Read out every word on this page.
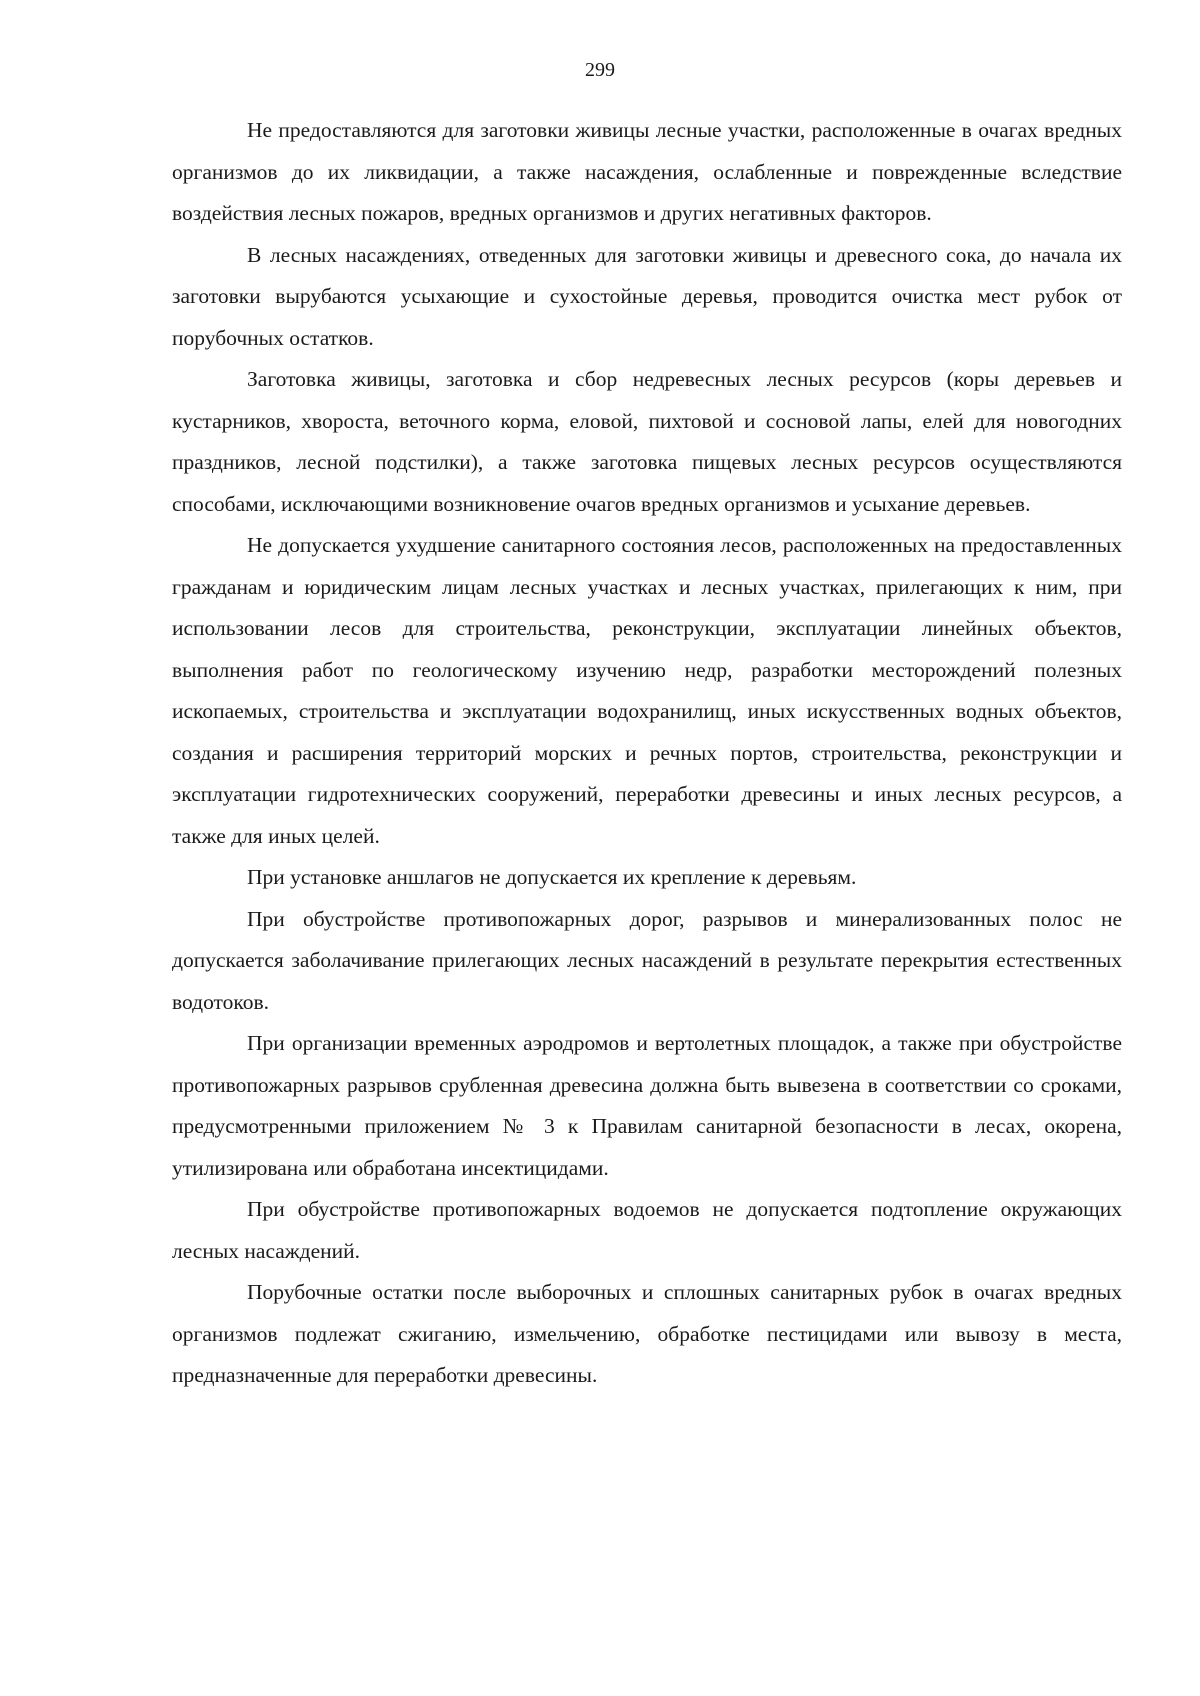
299

Не предоставляются для заготовки живицы лесные участки, расположенные в очагах вредных организмов до их ликвидации, а также насаждения, ослабленные и поврежденные вследствие воздействия лесных пожаров, вредных организмов и других негативных факторов.

В лесных насаждениях, отведенных для заготовки живицы и древесного сока, до начала их заготовки вырубаются усыхающие и сухостойные деревья, проводится очистка мест рубок от порубочных остатков.

Заготовка живицы, заготовка и сбор недревесных лесных ресурсов (коры деревьев и кустарников, хвороста, веточного корма, еловой, пихтовой и сосновой лапы, елей для новогодних праздников, лесной подстилки), а также заготовка пищевых лесных ресурсов осуществляются способами, исключающими возникновение очагов вредных организмов и усыхание деревьев.

Не допускается ухудшение санитарного состояния лесов, расположенных на предоставленных гражданам и юридическим лицам лесных участках и лесных участках, прилегающих к ним, при использовании лесов для строительства, реконструкции, эксплуатации линейных объектов, выполнения работ по геологическому изучению недр, разработки месторождений полезных ископаемых, строительства и эксплуатации водохранилищ, иных искусственных водных объектов, создания и расширения территорий морских и речных портов, строительства, реконструкции и эксплуатации гидротехнических сооружений, переработки древесины и иных лесных ресурсов, а также для иных целей.

При установке аншлагов не допускается их крепление к деревьям.

При обустройстве противопожарных дорог, разрывов и минерализованных полос не допускается заболачивание прилегающих лесных насаждений в результате перекрытия естественных водотоков.

При организации временных аэродромов и вертолетных площадок, а также при обустройстве противопожарных разрывов срубленная древесина должна быть вывезена в соответствии со сроками, предусмотренными приложением № 3 к Правилам санитарной безопасности в лесах, окорена, утилизирована или обработана инсектицидами.

При обустройстве противопожарных водоемов не допускается подтопление окружающих лесных насаждений.

Порубочные остатки после выборочных и сплошных санитарных рубок в очагах вредных организмов подлежат сжиганию, измельчению, обработке пестицидами или вывозу в места, предназначенные для переработки древесины.
